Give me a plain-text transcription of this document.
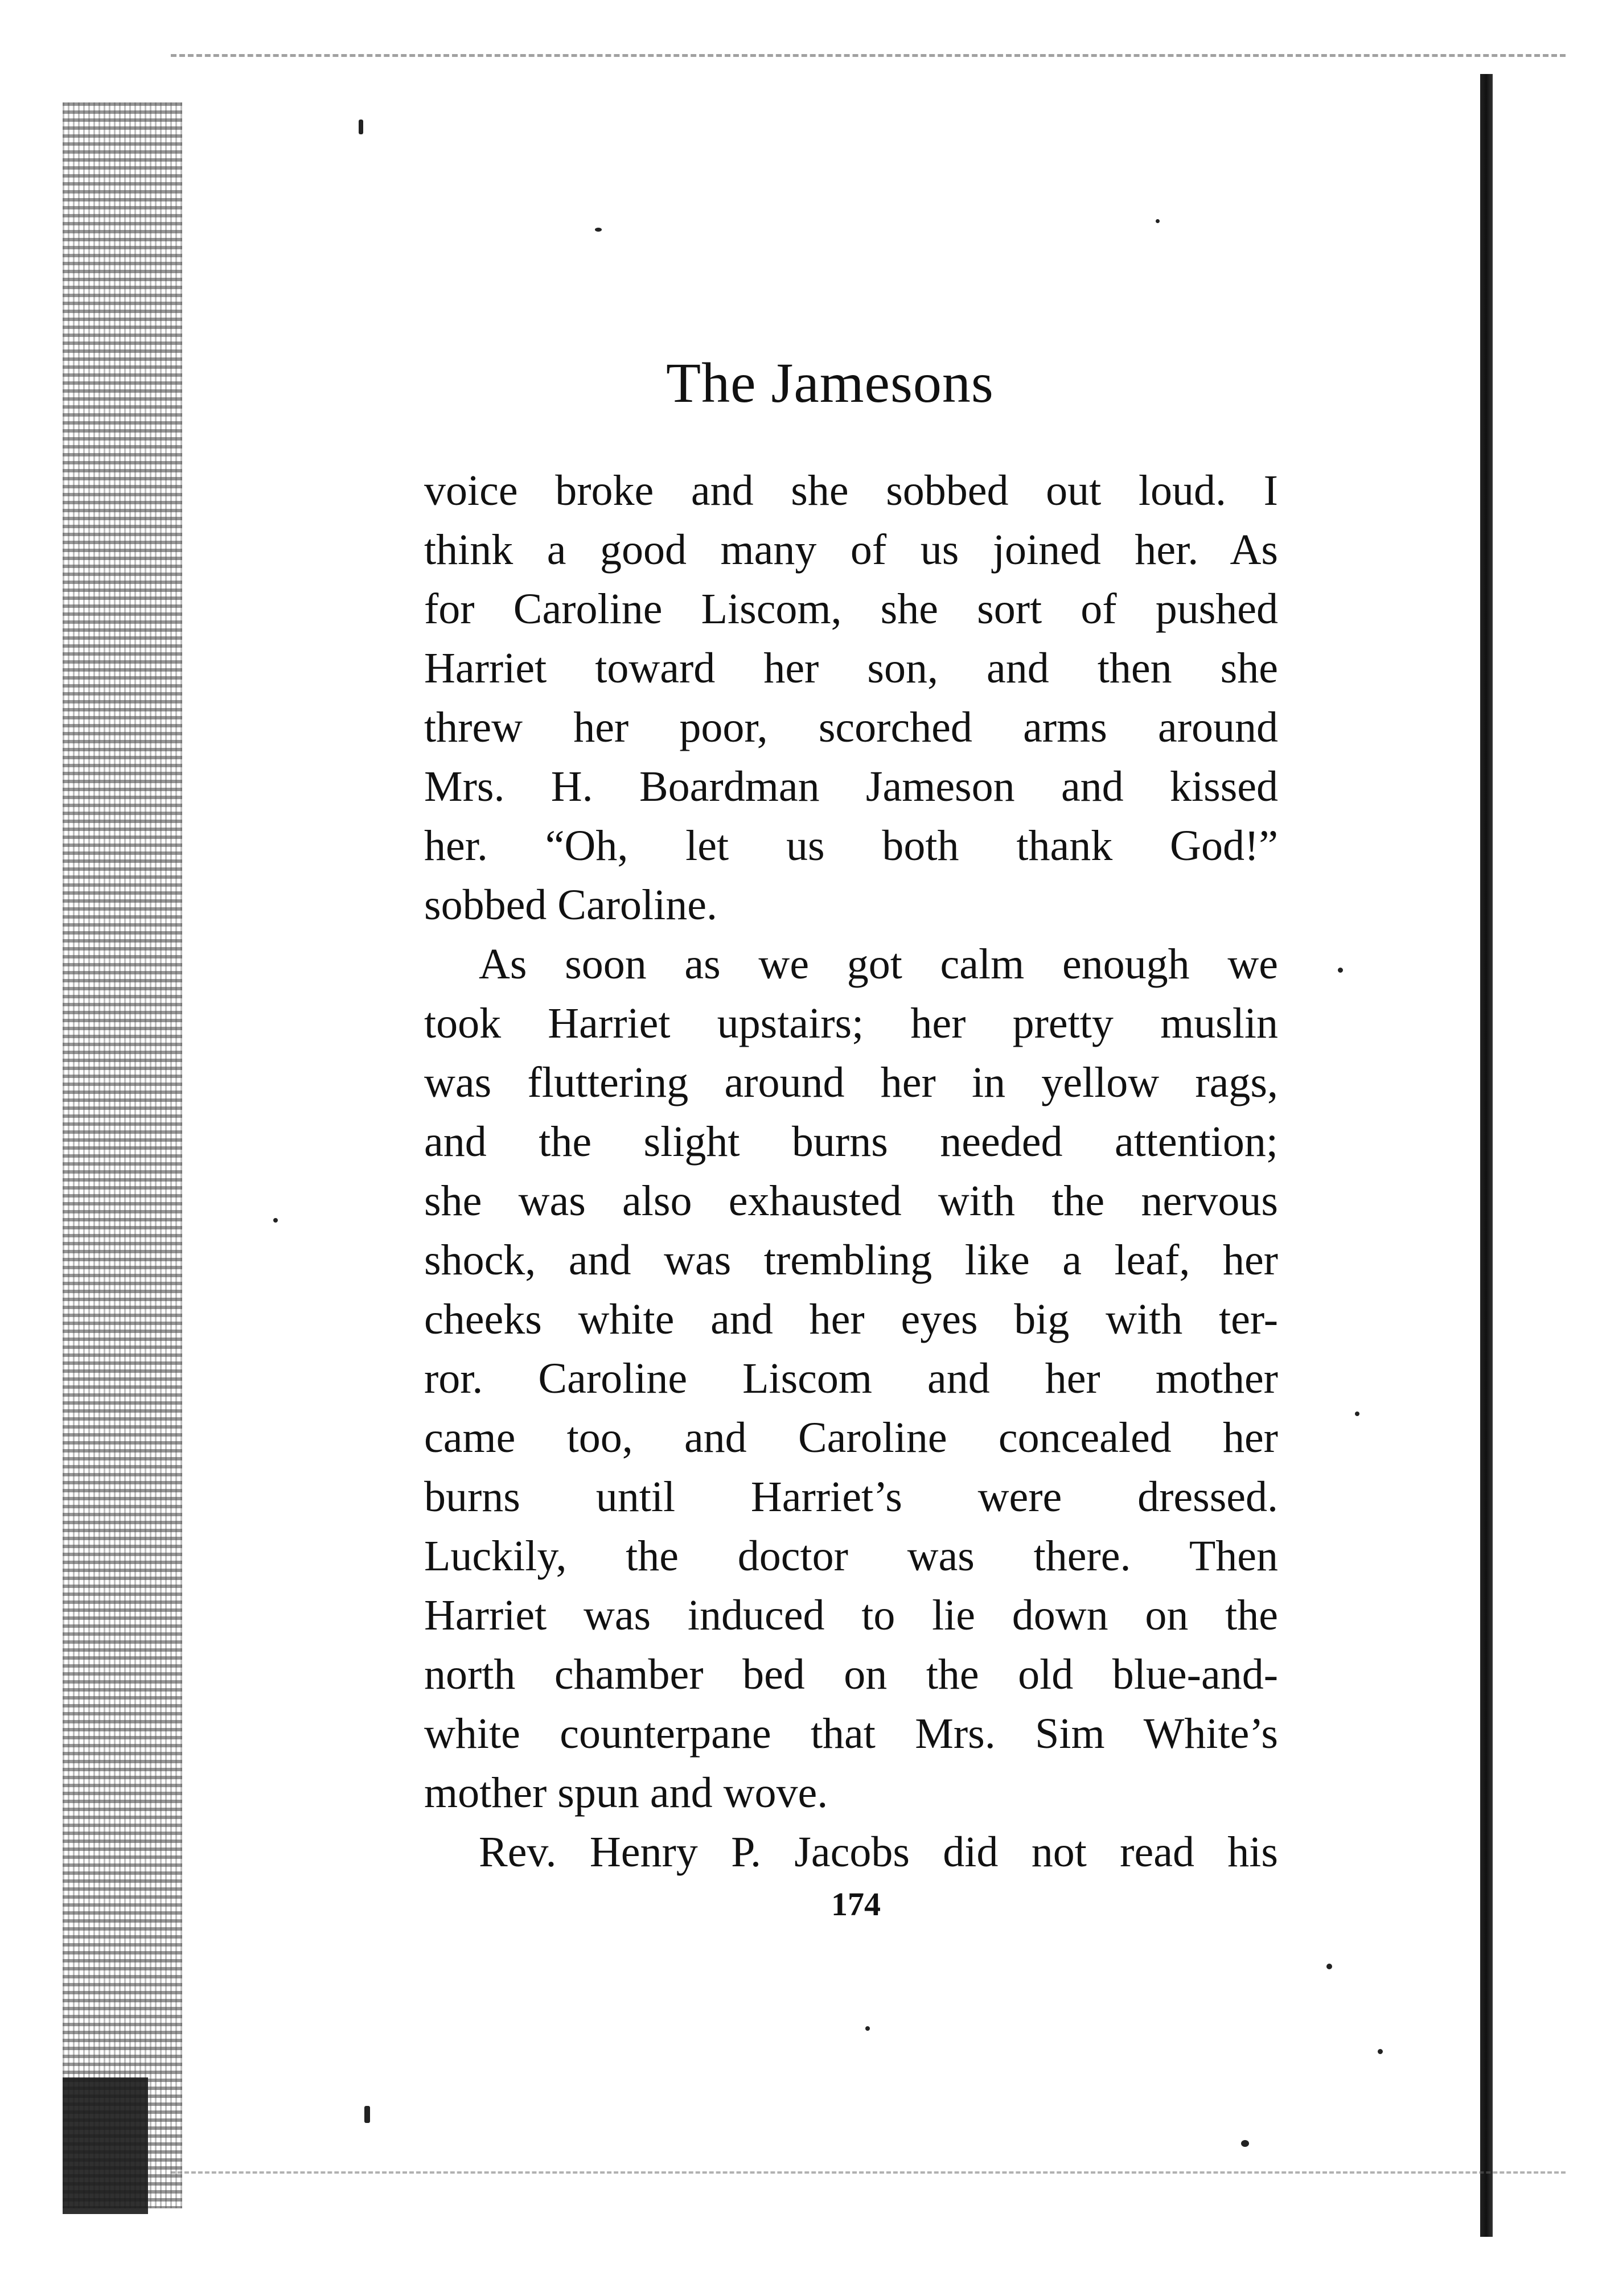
The Jamesons
voice broke and she sobbed out loud. I
think a good many of us joined her. As
for Caroline Liscom, she sort of pushed
Harriet toward her son, and then she
threw her poor, scorched arms around
Mrs. H. Boardman Jameson and kissed
her. “Oh, let us both thank God!”
sobbed Caroline.
As soon as we got calm enough we
took Harriet upstairs; her pretty muslin
was fluttering around her in yellow rags,
and the slight burns needed attention;
she was also exhausted with the nervous
shock, and was trembling like a leaf, her
cheeks white and her eyes big with ter-
ror. Caroline Liscom and her mother
came too, and Caroline concealed her
burns until Harriet’s were dressed.
Luckily, the doctor was there. Then
Harriet was induced to lie down on the
north chamber bed on the old blue-and-
white counterpane that Mrs. Sim White’s
mother spun and wove.
Rev. Henry P. Jacobs did not read his
174
